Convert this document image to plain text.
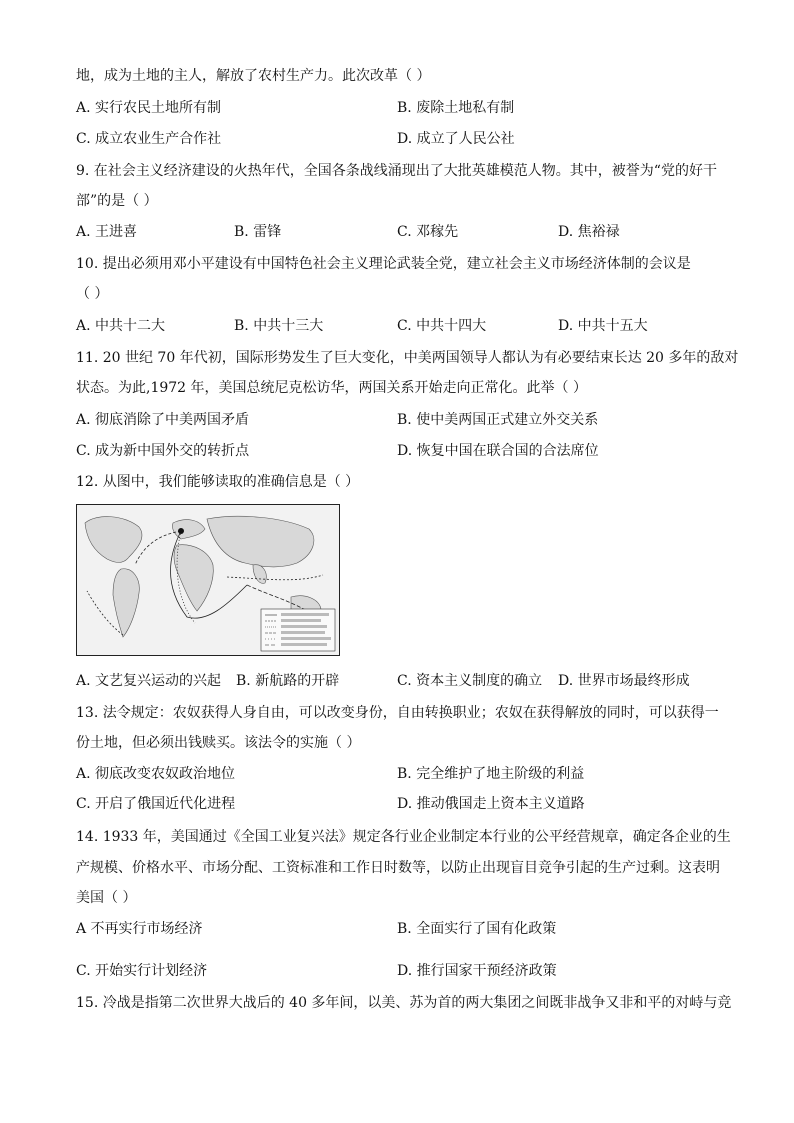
地，成为土地的主人，解放了农村生产力。此次改革（ ）
A. 实行农民土地所有制	B. 废除土地私有制
C. 成立农业生产合作社	D. 成立了人民公社
9. 在社会主义经济建设的火热年代，全国各条战线涌现出了大批英雄模范人物。其中，被誉为“党的好干
部”的是（ ）
A. 王进喜	B. 雷锋	C. 邓稼先	D. 焦裕禄
10. 提出必须用邓小平建设有中国特色社会主义理论武装全党，建立社会主义市场经济体制的会议是
（ ）
A. 中共十二大	B. 中共十三大	C. 中共十四大	D. 中共十五大
11. 20 世纪 70 年代初，国际形势发生了巨大变化，中美两国领导人都认为有必要结束长达 20 多年的敌对
状态。为此,1972 年，美国总统尼克松访华，两国关系开始走向正常化。此举（ ）
A. 彻底消除了中美两国矛盾	B. 使中美两国正式建立外交关系
C. 成为新中国外交的转折点	D. 恢复中国在联合国的合法席位
12. 从图中，我们能够读取的准确信息是（ ）
A. 文艺复兴运动的兴起 B. 新航路的开辟	C. 资本主义制度的确立 D. 世界市场最终形成
13. 法令规定：农奴获得人身自由，可以改变身份，自由转换职业；农奴在获得解放的同时，可以获得一
份土地，但必须出钱赎买。该法令的实施（ ）
A. 彻底改变农奴政治地位	B. 完全维护了地主阶级的利益
C. 开启了俄国近代化进程	D. 推动俄国走上资本主义道路
14. 1933 年，美国通过《全国工业复兴法》规定各行业企业制定本行业的公平经营规章，确定各企业的生
产规模、价格水平、市场分配、工资标准和工作日时数等，以防止出现盲目竞争引起的生产过剩。这表明
美国（ ）
A 不再实行市场经济	B. 全面实行了国有化政策
C. 开始实行计划经济	D. 推行国家干预经济政策
15. 冷战是指第二次世界大战后的 40 多年间，以美、苏为首的两大集团之间既非战争又非和平的对峙与竞
